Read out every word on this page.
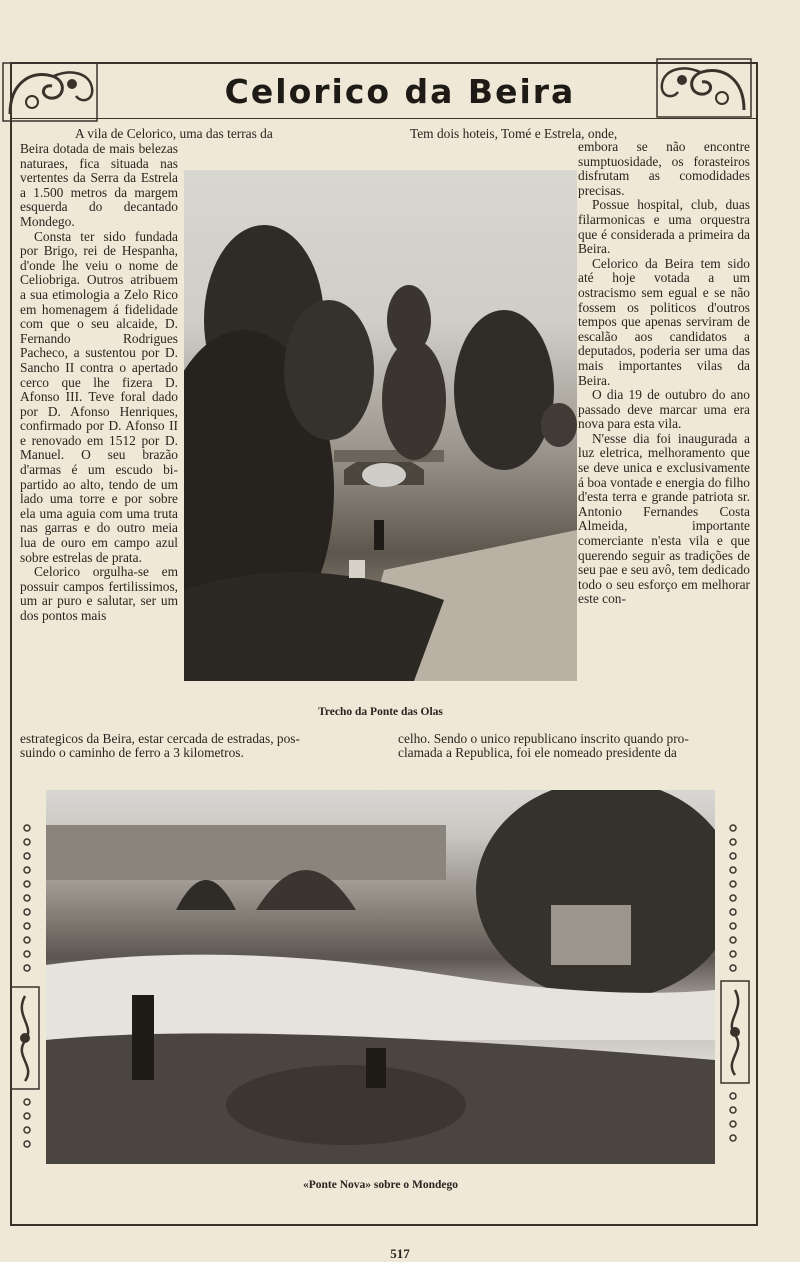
Celorico da Beira
A vila de Celorico, uma das terras da	Tem dois hoteis, Tomé e Estrela, onde,

Beira dotada de mais belezas naturaes, fica situada nas vertentes da Serra da Estrela a 1.500 metros da margem esquerda do decantado Mondego.

Consta ter sido fundada por Brigo, rei de Hespanha, d'onde lhe veiu o nome de Celiobriga. Outros atribuem a sua etimologia a Zelo Rico em homenagem á fidelidade com que o seu alcaide, D. Fernando Rodrigues Pacheco, a sustentou por D. Sancho II contra o apertado cerco que lhe fizera D. Afonso III. Teve foral dado por D. Afonso Henriques, confirmado por D. Afonso II e renovado em 1512 por D. Manuel. O seu brazão d'armas é um escudo bi-partido ao alto, tendo de um lado uma torre e por sobre ela uma aguia com uma truta nas garras e do outro meia lua de ouro em campo azul sobre estrelas de prata.

Celorico orgulha-se em possuir campos fertilissimos, um ar puro e salutar, ser um dos pontos mais

embora se não encontre sumptuosidade, os forasteiros disfrutam as comodidades precisas.

Possue hospital, club, duas filarmonicas e uma orquestra que é considerada a primeira da Beira.

Celorico da Beira tem sido até hoje votada a um ostracismo sem egual e se não fossem os politicos d'outros tempos que apenas serviram de escalão aos candidatos a deputados, poderia ser uma das mais importantes vilas da Beira.

O dia 19 de outubro do ano passado deve marcar uma era nova para esta vila.

N'esse dia foi inaugurada a luz eletrica, melhoramento que se deve unica e exclusivamente á boa vontade e energia do filho d'esta terra e grande patriota sr. Antonio Fernandes Costa Almeida, importante comerciante n'esta vila e que querendo seguir as tradições de seu pae e seu avô, tem dedicado todo o seu esforço em melhorar este con-

Trecho da Ponte das Olas
estrategicos da Beira, estar cercada de estradas, pos-
suindo o caminho de ferro a 3 kilometros.
celho. Sendo o unico republicano inscrito quando pro-
clamada a Republica, foi ele nomeado presidente da
«Ponte Nova» sobre o Mondego
517
